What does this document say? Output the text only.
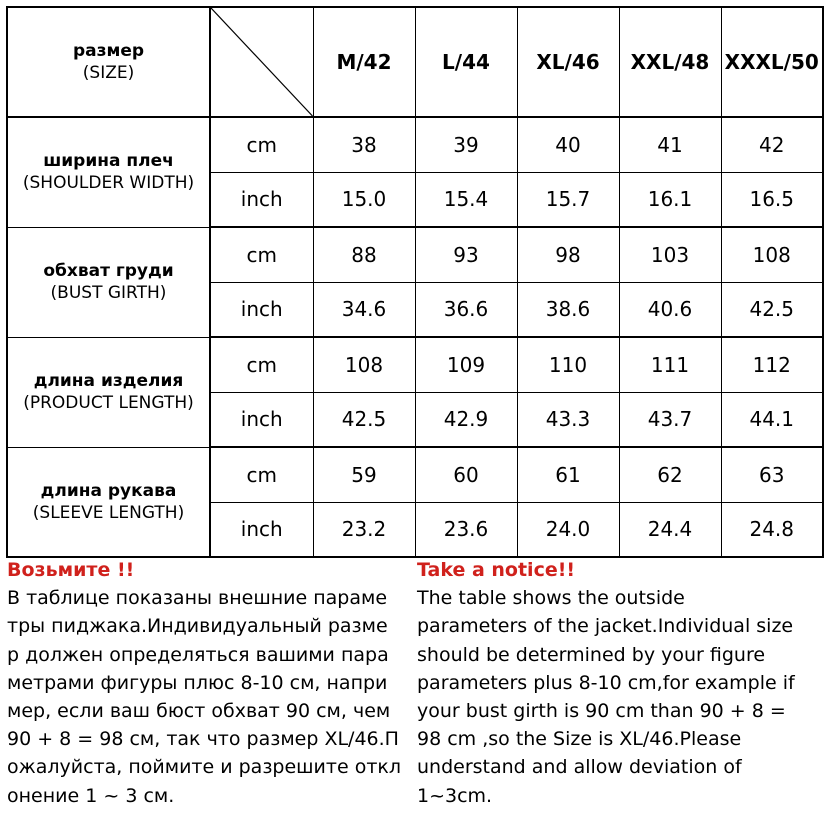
размер
(SIZE)		M/42	L/44	XL/46	XXL/48	XXXL/50

ширина плеч
(SHOULDER WIDTH)	cm	38	39	40	41	42
	inch	15.0	15.4	15.7	16.1	16.5

обхват груди
(BUST GIRTH)	cm	88	93	98	103	108
	inch	34.6	36.6	38.6	40.6	42.5

длина изделия
(PRODUCT LENGTH)	cm	108	109	110	111	112
	inch	42.5	42.9	43.3	43.7	44.1

длина рукава
(SLEEVE LENGTH)	cm	59	60	61	62	63
	inch	23.2	23.6	24.0	24.4	24.8
Возьмите !!
В таблице показаны внешние параме
тры пиджака.Индивидуальный разме
р должен определяться вашими пара
метрами фигуры плюс 8-10 см, напри
мер, если ваш бюст обхват 90 см, чем
90 + 8 = 98 см, так что размер XL/46.П
ожалуйста, поймите и разрешите откл
онение 1 ~ 3 см.
Take a notice!!
The table shows the outside
parameters of the jacket.Individual size
should be determined by your figure
parameters plus 8-10 cm,for example if
your bust girth is 90 cm than 90 + 8 =
98 cm ,so the Size is XL/46.Please
understand and allow deviation of
1~3cm.
